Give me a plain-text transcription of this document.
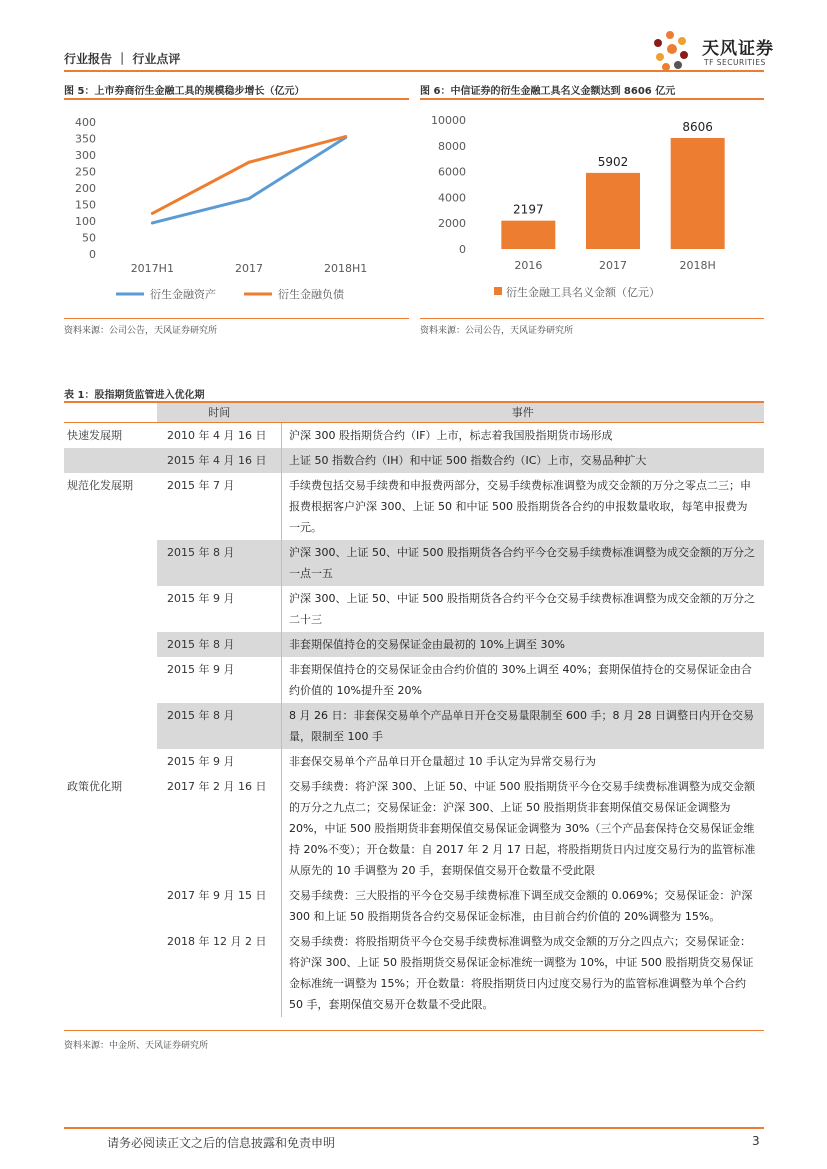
行业报告 ｜ 行业点评	天风证券
TF SECURITIES
图 5：上市券商衍生金融工具的规模稳步增长（亿元）
0
50
100
150
200
250
300
350
400
2017H1	2017	2018H1
衍生金融资产	衍生金融负债
资料来源：公司公告，天风证券研究所
图 6：中信证券的衍生金融工具名义金额达到 8606 亿元
0
2000
4000
6000
8000
10000
2197
2016
5902
2017
8606
2018H
衍生金融工具名义金额（亿元）
资料来源：公司公告，天风证券研究所
表 1：股指期货监管进入优化期
	时间	事件
快速发展期	2010 年 4 月 16 日	沪深 300 股指期货合约（IF）上市，标志着我国股指期货市场形成
	2015 年 4 月 16 日	上证 50 指数合约（IH）和中证 500 指数合约（IC）上市，交易品种扩大
规范化发展期	2015 年 7 月	手续费包括交易手续费和申报费两部分，交易手续费标准调整为成交金额的万分之零点二三；申报费根据客户沪深 300、上证 50 和中证 500 股指期货各合约的申报数量收取，每笔申报费为一元。
	2015 年 8 月	沪深 300、上证 50、中证 500 股指期货各合约平今仓交易手续费标准调整为成交金额的万分之一点一五
	2015 年 9 月	沪深 300、上证 50、中证 500 股指期货各合约平今仓交易手续费标准调整为成交金额的万分之二十三
	2015 年 8 月	非套期保值持仓的交易保证金由最初的 10%上调至 30%
	2015 年 9 月	非套期保值持仓的交易保证金由合约价值的 30%上调至 40%；套期保值持仓的交易保证金由合约价值的 10%提升至 20%
	2015 年 8 月	8 月 26 日：非套保交易单个产品单日开仓交易量限制至 600 手；8 月 28 日调整日内开仓交易量，限制至 100 手
	2015 年 9 月	非套保交易单个产品单日开仓量超过 10 手认定为异常交易行为
政策优化期	2017 年 2 月 16 日	交易手续费：将沪深 300、上证 50、中证 500 股指期货平今仓交易手续费标准调整为成交金额的万分之九点二；交易保证金：沪深 300、上证 50 股指期货非套期保值交易保证金调整为 20%，中证 500 股指期货非套期保值交易保证金调整为 30%（三个产品套保持仓交易保证金维持 20%不变）；开仓数量：自 2017 年 2 月 17 日起，将股指期货日内过度交易行为的监管标准从原先的 10 手调整为 20 手，套期保值交易开仓数量不受此限
	2017 年 9 月 15 日	交易手续费：三大股指的平今仓交易手续费标准下调至成交金额的 0.069%；交易保证金：沪深 300 和上证 50 股指期货各合约交易保证金标准，由目前合约价值的 20%调整为 15%。
	2018 年 12 月 2 日	交易手续费：将股指期货平今仓交易手续费标准调整为成交金额的万分之四点六；交易保证金：将沪深 300、上证 50 股指期货交易保证金标准统一调整为 10%，中证 500 股指期货交易保证金标准统一调整为 15%；开仓数量：将股指期货日内过度交易行为的监管标准调整为单个合约 50 手，套期保值交易开仓数量不受此限。
资料来源：中金所、天风证券研究所
请务必阅读正文之后的信息披露和免责申明	3
